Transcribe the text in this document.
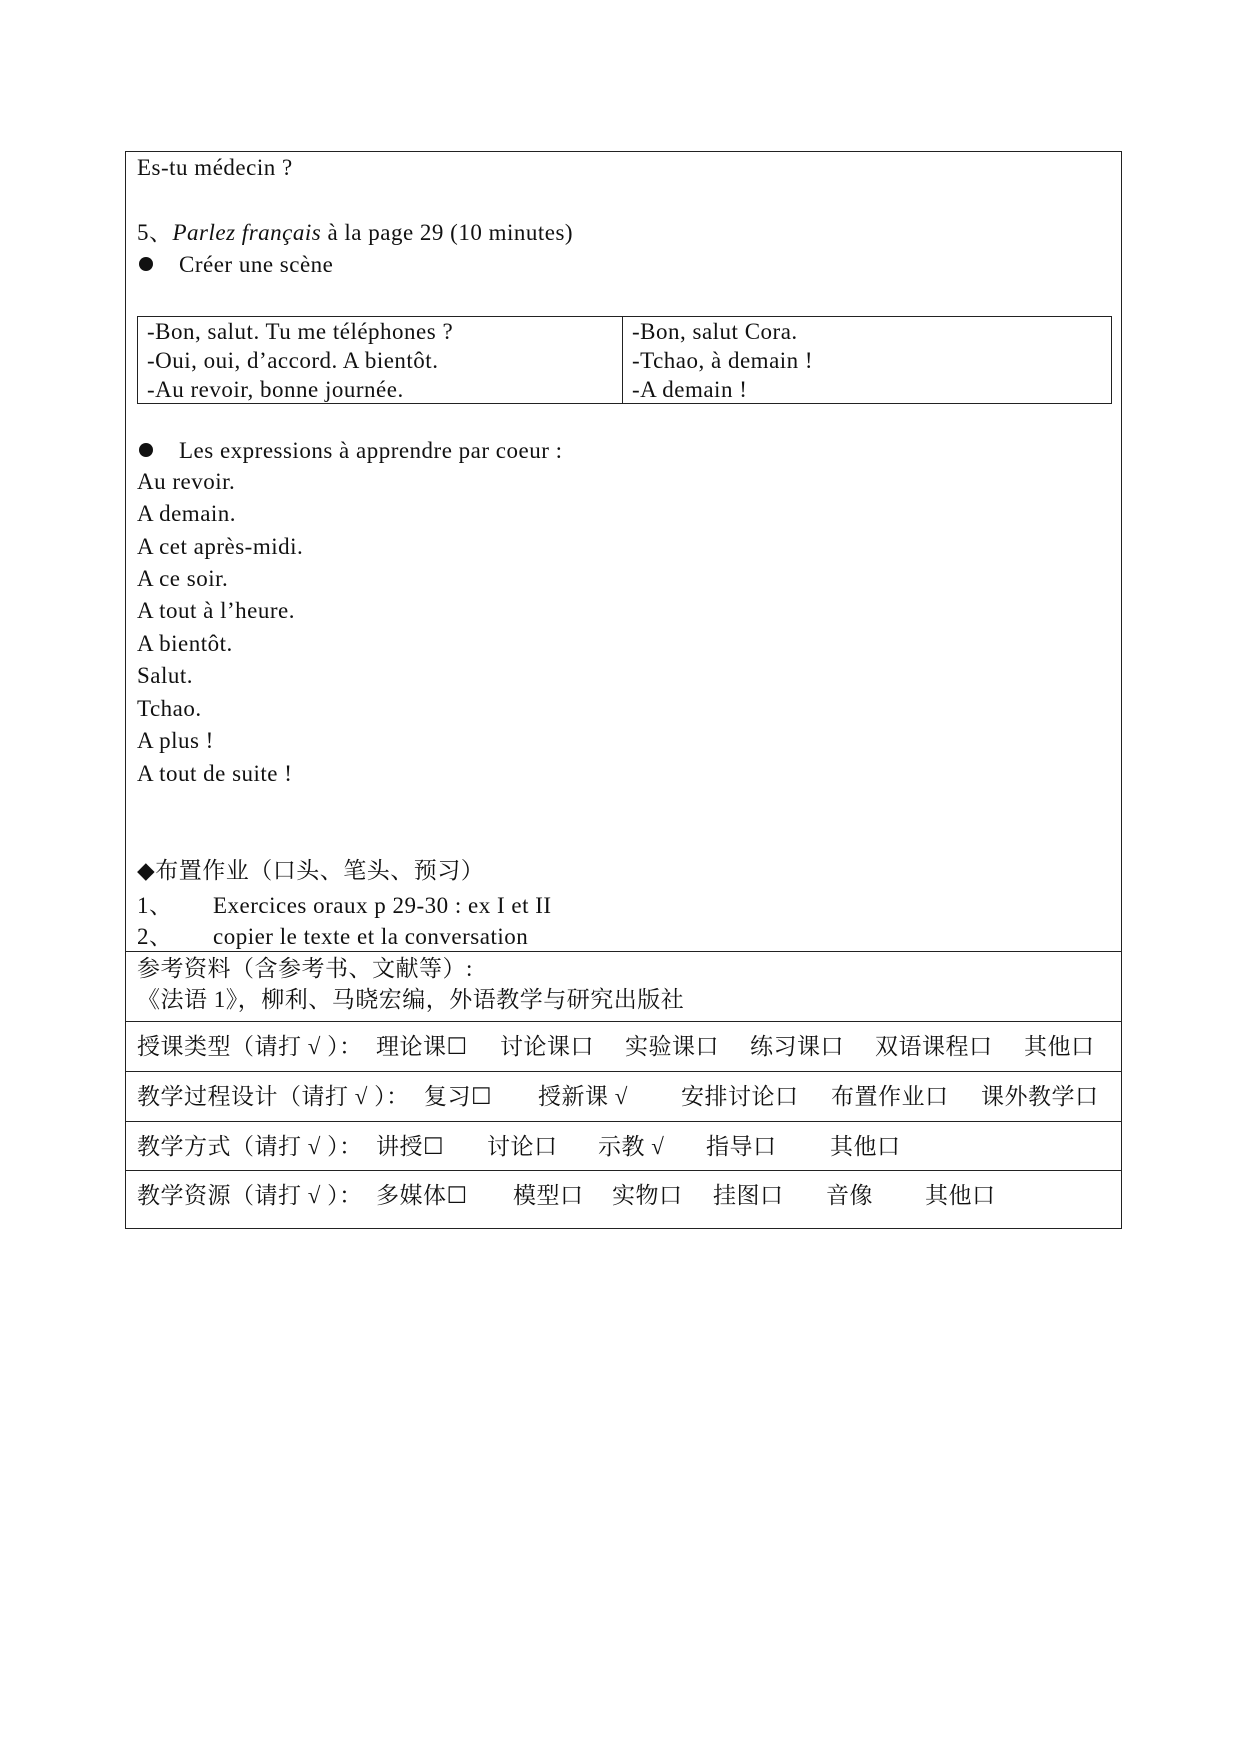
Es-tu médecin ?
5、Parlez français à la page 29 (10 minutes)
Créer une scène
-Bon, salut. Tu me téléphones ?
-Oui, oui, d’accord. A bientôt.
-Au revoir, bonne journée.
-Bon, salut Cora.
-Tchao, à demain !
-A demain !
Les expressions à apprendre par coeur :
Au revoir.
A demain.
A cet après-midi.
A ce soir.
A tout à l’heure.
A bientôt.
Salut.
Tchao.
A plus !
A tout de suite !
◆布置作业（口头、笔头、预习）
1、 Exercices oraux p 29-30 : ex I et II
2、 copier le texte et la conversation
参考资料（含参考书、文献等）:
《法语 1》，柳利、马晓宏编，外语教学与研究出版社
授课类型（请打 √ ）： 理论课☐ 讨论课口 实验课口 练习课口 双语课程口 其他口
教学过程设计（请打 √ ）： 复习☐ 授新课 √ 安排讨论口 布置作业口 课外教学口
教学方式（请打 √ ）： 讲授☐ 讨论口 示教 √ 指导口 其他口
教学资源（请打 √ ）： 多媒体☐ 模型口 实物口 挂图口 音像 其他口
